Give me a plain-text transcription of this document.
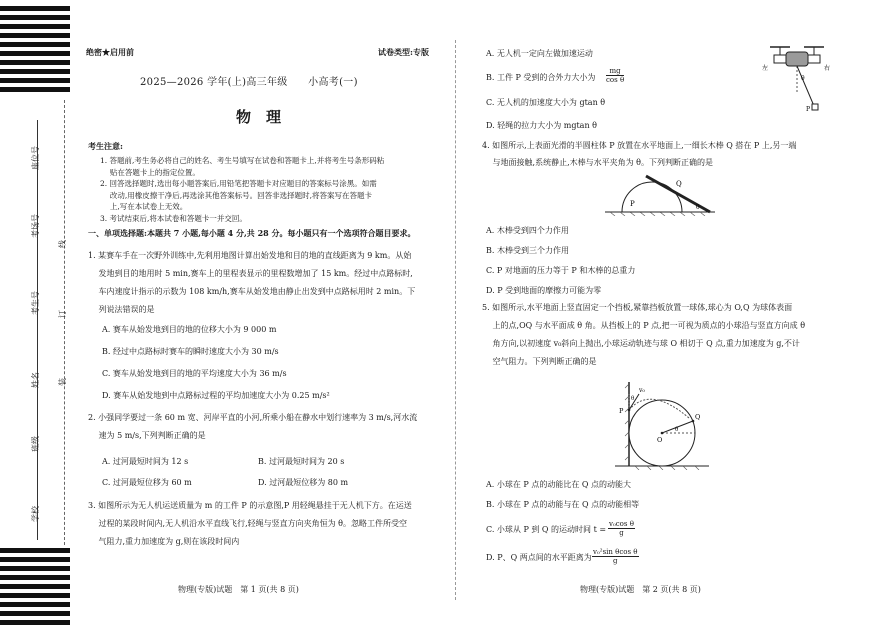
座位号
考场号
考生号
姓名
班级
学校
线
订
装
绝密★启用前	试卷类型:专版
2025—2026 学年(上)高三年级　　小高考(一)
物　理
考生注意:
1. 答题前,考生务必将自己的姓名、考生号填写在试卷和答题卡上,并将考生号条形码粘
　 贴在答题卡上的指定位置。
2. 回答选择题时,选出每小题答案后,用铅笔把答题卡对应题目的答案标号涂黑。如需
　 改动,用橡皮擦干净后,再选涂其他答案标号。回答非选择题时,将答案写在答题卡
　 上,写在本试卷上无效。
3. 考试结束后,将本试卷和答题卡一并交回。
一、单项选择题:本题共 7 小题,每小题 4 分,共 28 分。每小题只有一个选项符合题目要求。
1. 某赛车手在一次野外训练中,先利用地图计算出始发地和目的地的直线距离为 9 km。从始
　 发地到目的地用时 5 min,赛车上的里程表显示的里程数增加了 15 km。经过中点路标时,
　 车内速度计指示的示数为 108 km/h,赛车从始发地由静止出发到中点路标用时 2 min。下
　 列说法错误的是
A. 赛车从始发地到目的地的位移大小为 9 000 m
B. 经过中点路标时赛车的瞬时速度大小为 30 m/s
C. 赛车从始发地到目的地的平均速度大小为 36 m/s
D. 赛车从始发地到中点路标过程的平均加速度大小为 0.25 m/s²
2. 小强同学要过一条 60 m 宽、河岸平直的小河,所乘小船在静水中划行速率为 3 m/s,河水流
　 速为 5 m/s,下列判断正确的是
A. 过河最短时间为 12 s	B. 过河最短时间为 20 s
C. 过河最短位移为 60 m	D. 过河最短位移为 80 m
3. 如图所示为无人机运送质量为 m 的工件 P 的示意图,P 用轻绳悬挂于无人机下方。在运送
　 过程的某段时间内,无人机沿水平直线飞行,轻绳与竖直方向夹角恒为 θ。忽略工件所受空
　 气阻力,重力加速度为 g,则在该段时间内
物理(专版)试题　第 1 页(共 8 页)
A. 无人机一定向左做加速运动
B. 工件 P 受到的合外力大小为
C. 无人机的加速度大小为 gtan θ
D. 轻绳的拉力大小为 mgtan θ
$\frac{mg}{\text{cos θ}}$	θ
左	右
P
4. 如图所示,上表面光滑的半圆柱体 P 放置在水平地面上,一细长木棒 Q 搭在 P 上,另一端
　 与地面接触,系统静止,木棒与水平夹角为 θ。下列判断正确的是
P
Q
θ
A. 木棒受到四个力作用
B. 木棒受到三个力作用
C. P 对地面的压力等于 P 和木棒的总重力
D. P 受到地面的摩擦力可能为零
5. 如图所示,水平地面上竖直固定一个挡板,紧靠挡板放置一球体,球心为 O,Q 为球体表面
　 上的点,OQ 与水平面成 θ 角。从挡板上的 P 点,把一可视为质点的小球沿与竖直方向成 θ
　 角方向,以初速度 v₀斜向上抛出,小球运动轨迹与球 O 相切于 Q 点,重力加速度为 g,不计
　 空气阻力。下列判断正确的是
P
Q
O
v₀
θ
θ
A. 小球在 P 点的动能比在 Q 点的动能大
B. 小球在 P 点的动能与在 Q 点的动能相等
C. 小球从 P 到 Q 的运动时间 t =
D. P、Q 两点间的水平距离为
$\frac{\text{v₀cos θ}}{g}$
$\frac{\text{v₀²sin θcos θ}}{g}$
物理(专版)试题　第 2 页(共 8 页)
